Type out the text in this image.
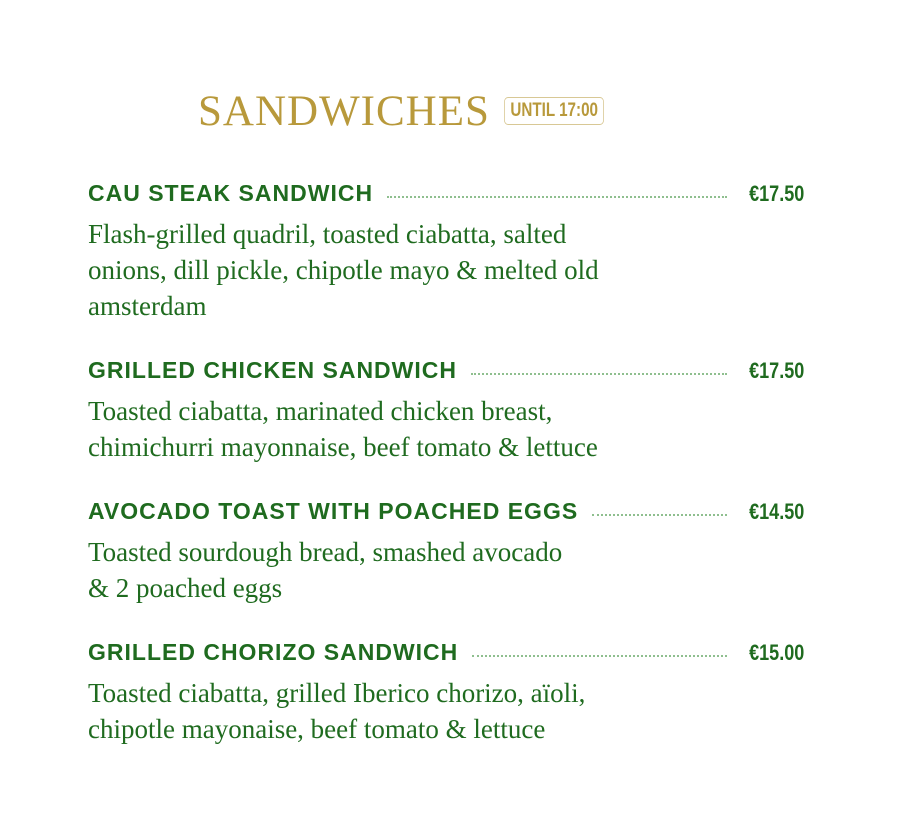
SANDWICHES	UNTIL 17:00
CAU STEAK SANDWICH	€17.50
Flash-grilled quadril, toasted ciabatta, salted
onions, dill pickle, chipotle mayo & melted old
amsterdam
GRILLED CHICKEN SANDWICH	€17.50
Toasted ciabatta, marinated chicken breast,
chimichurri mayonnaise, beef tomato & lettuce
AVOCADO TOAST WITH POACHED EGGS	€14.50
Toasted sourdough bread, smashed avocado
& 2 poached eggs
GRILLED CHORIZO SANDWICH	€15.00
Toasted ciabatta, grilled Iberico chorizo, aïoli,
chipotle mayonaise, beef tomato & lettuce
